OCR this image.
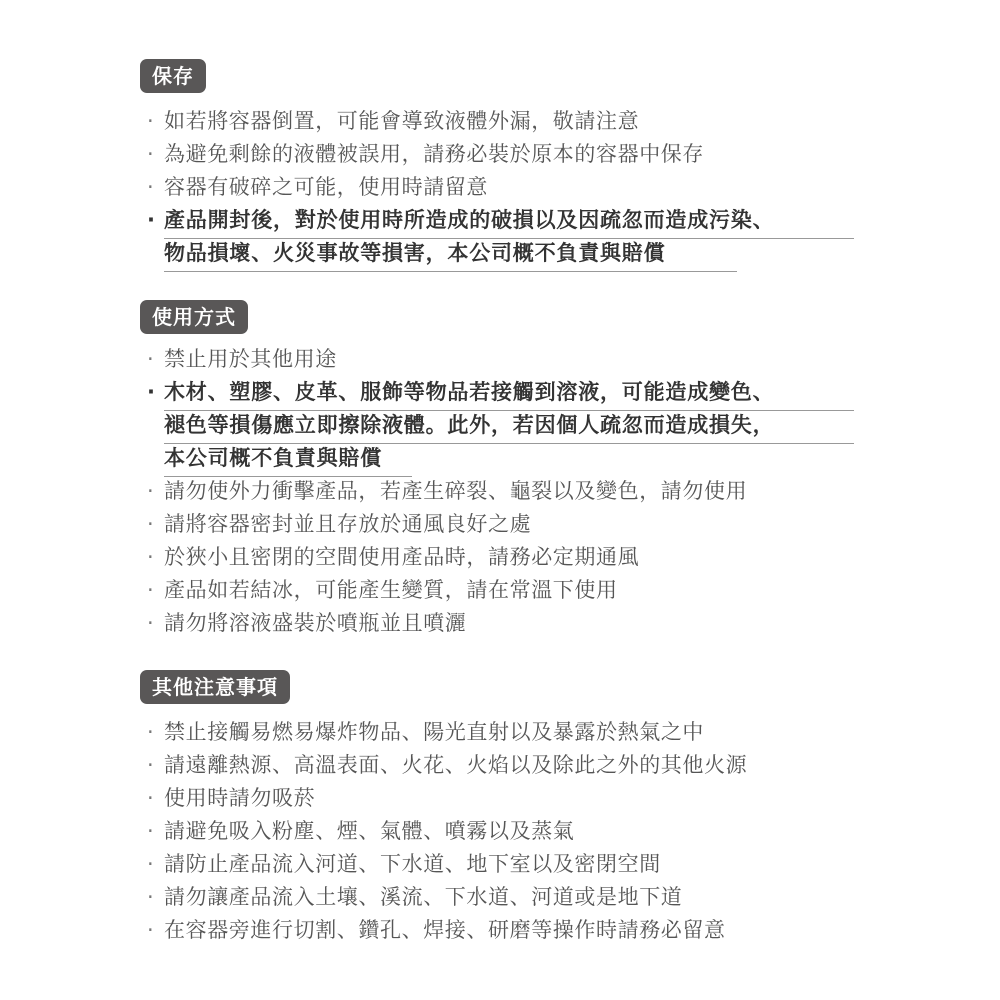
保存
· 如若將容器倒置，可能會導致液體外漏，敬請注意
· 為避免剩餘的液體被誤用，請務必裝於原本的容器中保存
· 容器有破碎之可能，使用時請留意
· 產品開封後，對於使用時所造成的破損以及因疏忽而造成污染、
物品損壞、火災事故等損害，本公司概不負責與賠償
使用方式
· 禁止用於其他用途
· 木材、塑膠、皮革、服飾等物品若接觸到溶液，可能造成變色、
褪色等損傷應立即擦除液體。此外，若因個人疏忽而造成損失，
本公司概不負責與賠償
· 請勿使外力衝擊產品，若產生碎裂、龜裂以及變色，請勿使用
· 請將容器密封並且存放於通風良好之處
· 於狹小且密閉的空間使用產品時，請務必定期通風
· 產品如若結冰，可能產生變質，請在常溫下使用
· 請勿將溶液盛裝於噴瓶並且噴灑
其他注意事項
· 禁止接觸易燃易爆炸物品、陽光直射以及暴露於熱氣之中
· 請遠離熱源、高溫表面、火花、火焰以及除此之外的其他火源
· 使用時請勿吸菸
· 請避免吸入粉塵、煙、氣體、噴霧以及蒸氣
· 請防止產品流入河道、下水道、地下室以及密閉空間
· 請勿讓產品流入土壤、溪流、下水道、河道或是地下道
· 在容器旁進行切割、鑽孔、焊接、研磨等操作時請務必留意
